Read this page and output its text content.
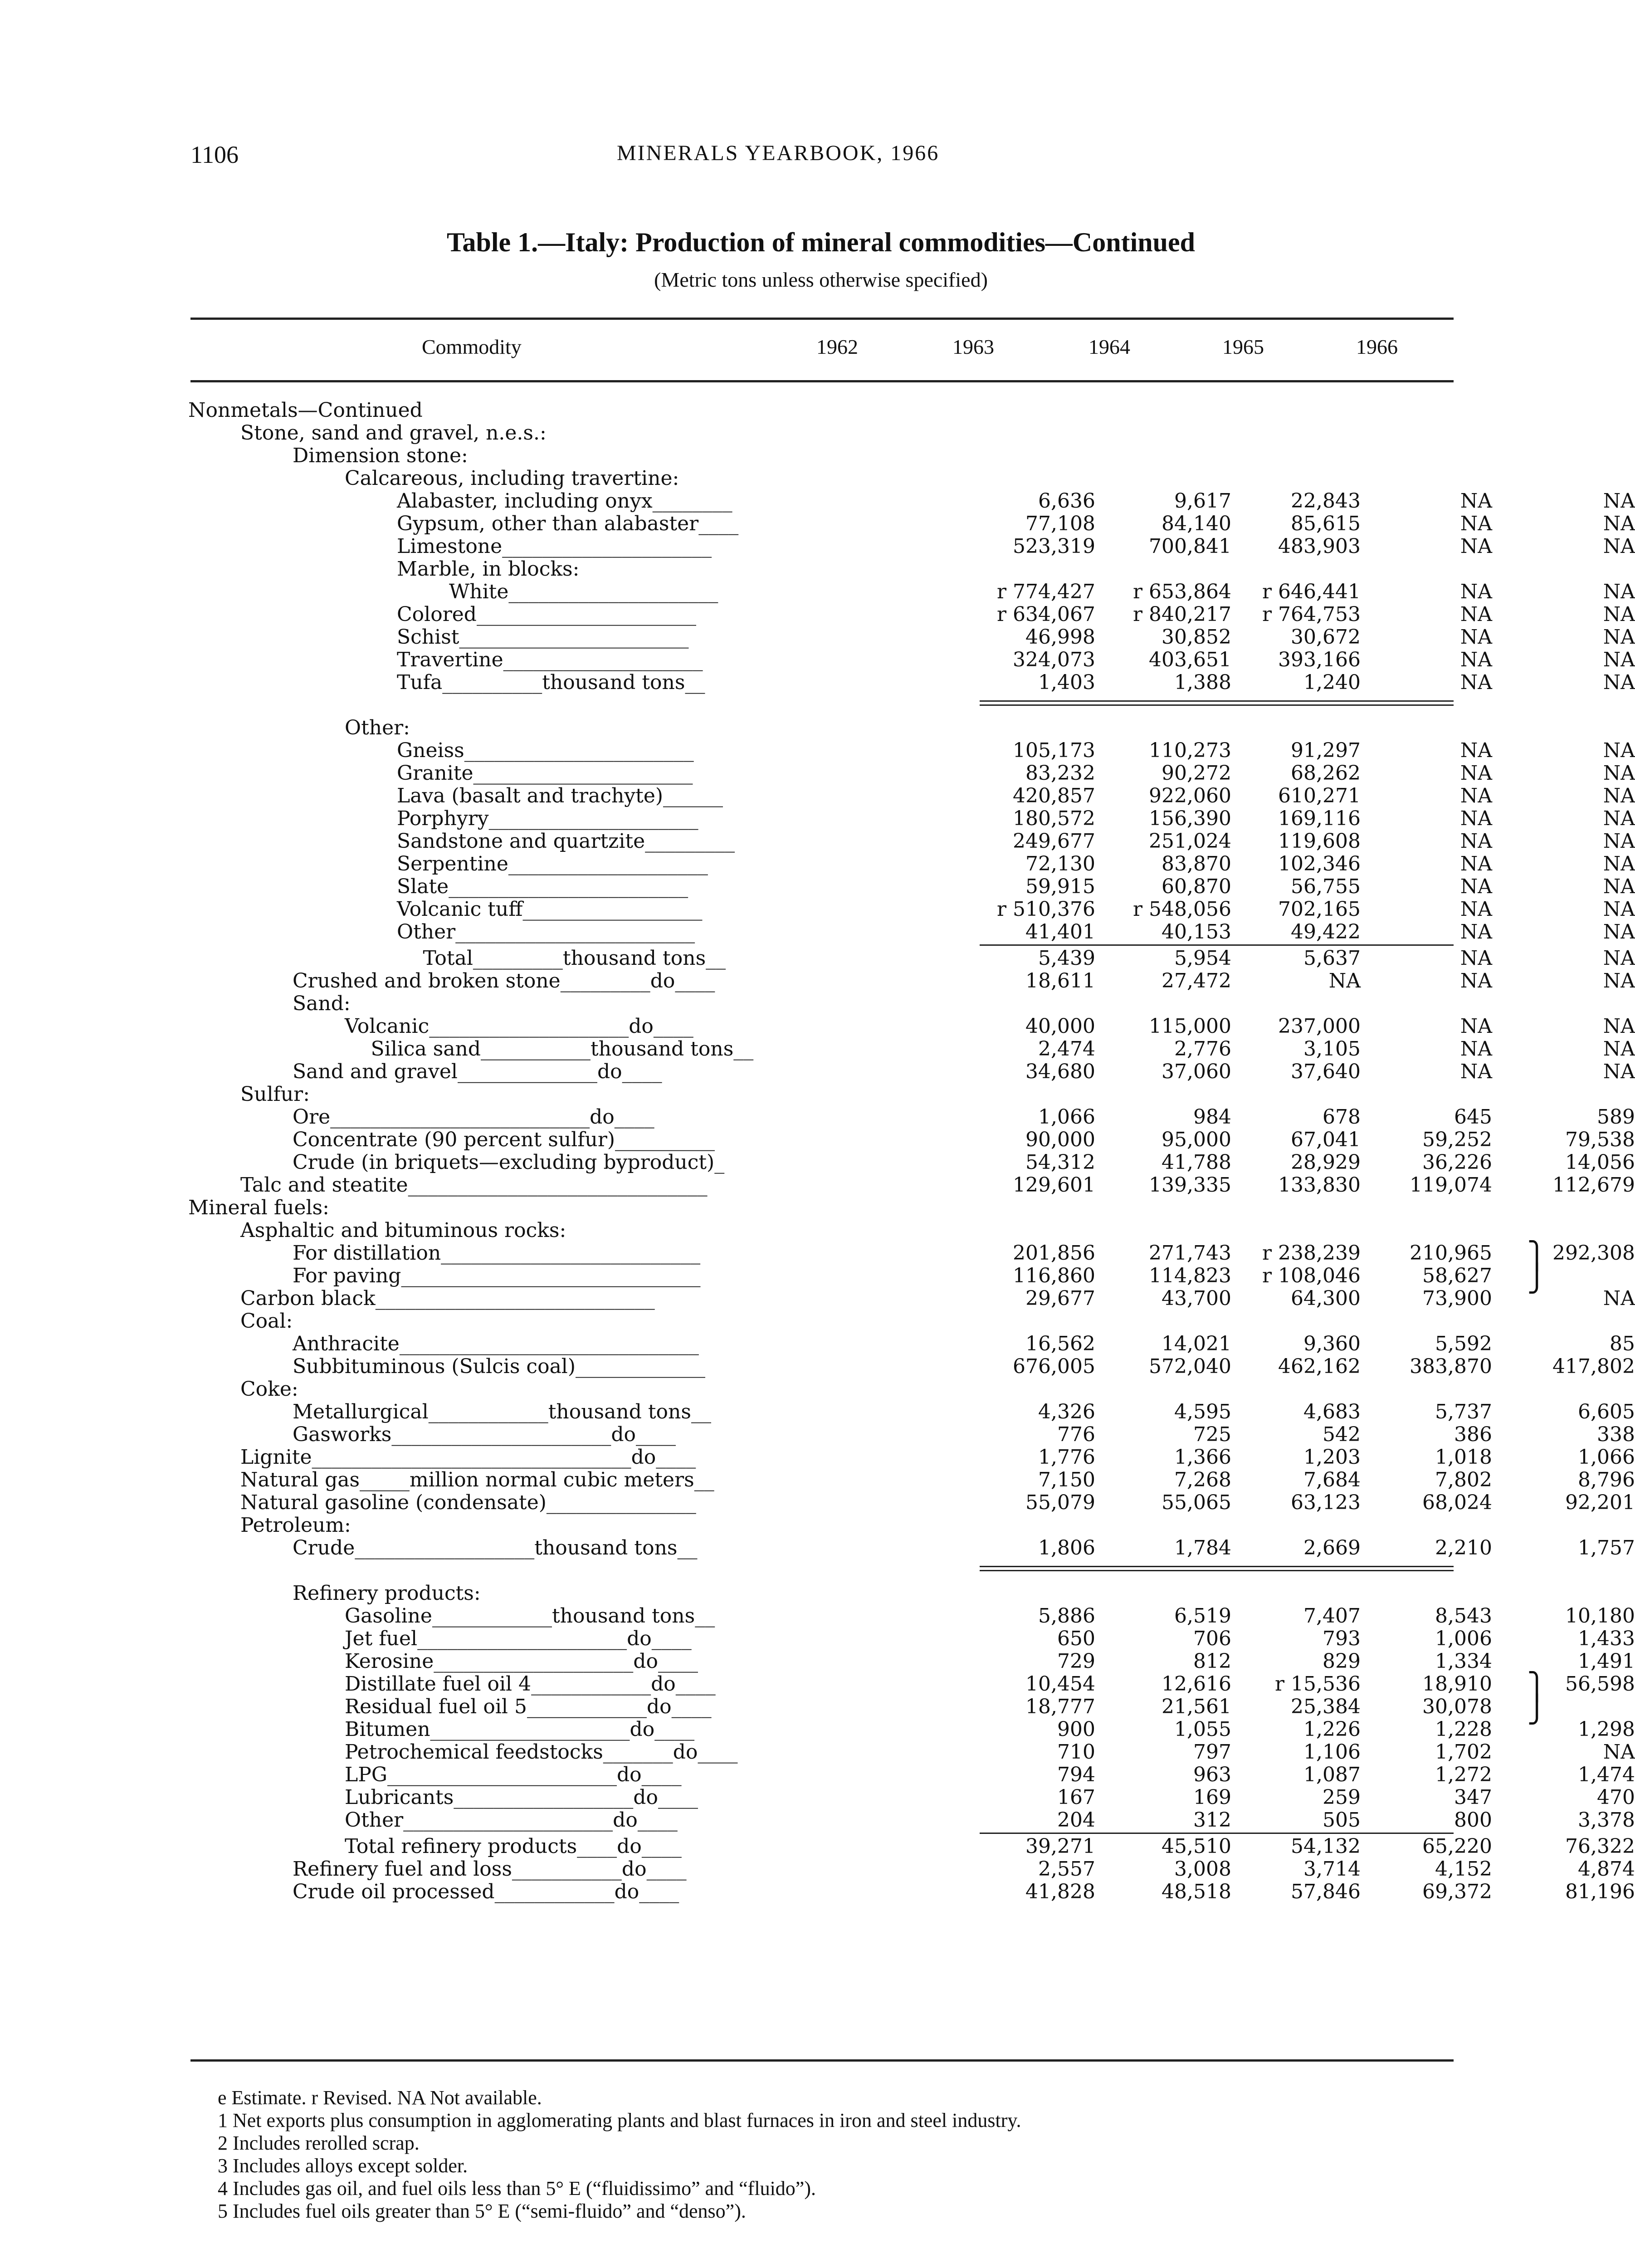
1106	MINERALS YEARBOOK, 1966
Table 1.—Italy: Production of mineral commodities—Continued
(Metric tons unless otherwise specified)
Commodity	1962	1963	1964	1965	1966
Nonmetals—Continued
Stone, sand and gravel, n.e.s.:
Dimension stone:
Calcareous, including travertine:
Alabaster, including onyx________	6,636	9,617	22,843	NA	NA
Gypsum, other than alabaster____	77,108	84,140	85,615	NA	NA
Limestone_____________________	523,319	700,841	483,903	NA	NA
Marble, in blocks:
White_____________________	r 774,427	r 653,864	r 646,441	NA	NA
Colored______________________	r 634,067	r 840,217	r 764,753	NA	NA
Schist_______________________	46,998	30,852	30,672	NA	NA
Travertine____________________	324,073	403,651	393,166	NA	NA
Tufa__________thousand tons__	1,403	1,388	1,240	NA	NA
Other:
Gneiss_______________________	105,173	110,273	91,297	NA	NA
Granite______________________	83,232	90,272	68,262	NA	NA
Lava (basalt and trachyte)______	420,857	922,060	610,271	NA	NA
Porphyry_____________________	180,572	156,390	169,116	NA	NA
Sandstone and quartzite_________	249,677	251,024	119,608	NA	NA
Serpentine____________________	72,130	83,870	102,346	NA	NA
Slate________________________	59,915	60,870	56,755	NA	NA
Volcanic tuff__________________	r 510,376	r 548,056	702,165	NA	NA
Other________________________	41,401	40,153	49,422	NA	NA
Total_________thousand tons__	5,439	5,954	5,637	NA	NA
Crushed and broken stone_________do____	18,611	27,472	NA	NA	NA
Sand:
Volcanic____________________do____	40,000	115,000	237,000	NA	NA
Silica sand___________thousand tons__	2,474	2,776	3,105	NA	NA
Sand and gravel______________do____	34,680	37,060	37,640	NA	NA
Sulfur:
Ore__________________________do____	1,066	984	678	645	589
Concentrate (90 percent sulfur)__________	90,000	95,000	67,041	59,252	79,538
Crude (in briquets—excluding byproduct)_	54,312	41,788	28,929	36,226	14,056
Talc and steatite______________________________	129,601	139,335	133,830	119,074	112,679
Mineral fuels:
Asphaltic and bituminous rocks:
For distillation__________________________	201,856	271,743	r 238,239	210,965	292,308
⎫
For paving______________________________	116,860	114,823	r 108,046	58,627 ⎭
Carbon black____________________________	29,677	43,700	64,300	73,900	NA
Coal:
Anthracite______________________________	16,562	14,021	9,360	5,592	85
Subbituminous (Sulcis coal)_____________	676,005	572,040	462,162	383,870	417,802
Coke:
Metallurgical____________thousand tons__	4,326	4,595	4,683	5,737	6,605
Gasworks______________________do____	776	725	542	386	338
Lignite________________________________do____	1,776	1,366	1,203	1,018	1,066
Natural gas_____million normal cubic meters__	7,150	7,268	7,684	7,802	8,796
Natural gasoline (condensate)_______________	55,079	55,065	63,123	68,024	92,201
Petroleum:
Crude__________________thousand tons__	1,806	1,784	2,669	2,210	1,757
Refinery products:
Gasoline____________thousand tons__	5,886	6,519	7,407	8,543	10,180
Jet fuel_____________________do____	650	706	793	1,006	1,433
Kerosine____________________do____	729	812	829	1,334	1,491
Distillate fuel oil 4____________do____	10,454	12,616	r 15,536	18,910	56,598
⎫
Residual fuel oil 5____________do____	18,777	21,561	25,384	30,078 ⎭
Bitumen____________________do____	900	1,055	1,226	1,228	1,298
Petrochemical feedstocks_______do____	710	797	1,106	1,702	NA
LPG_______________________do____	794	963	1,087	1,272	1,474
Lubricants__________________do____	167	169	259	347	470
Other_____________________do____	204	312	505	800	3,378
Total refinery products____do____	39,271	45,510	54,132	65,220	76,322
Refinery fuel and loss___________do____	2,557	3,008	3,714	4,152	4,874
Crude oil processed____________do____	41,828	48,518	57,846	69,372	81,196
e Estimate. r Revised. NA Not available.
1 Net exports plus consumption in agglomerating plants and blast furnaces in iron and steel industry.
2 Includes rerolled scrap.
3 Includes alloys except solder.
4 Includes gas oil, and fuel oils less than 5° E (“fluidissimo” and “fluido”).
5 Includes fuel oils greater than 5° E (“semi-fluido” and “denso”).
